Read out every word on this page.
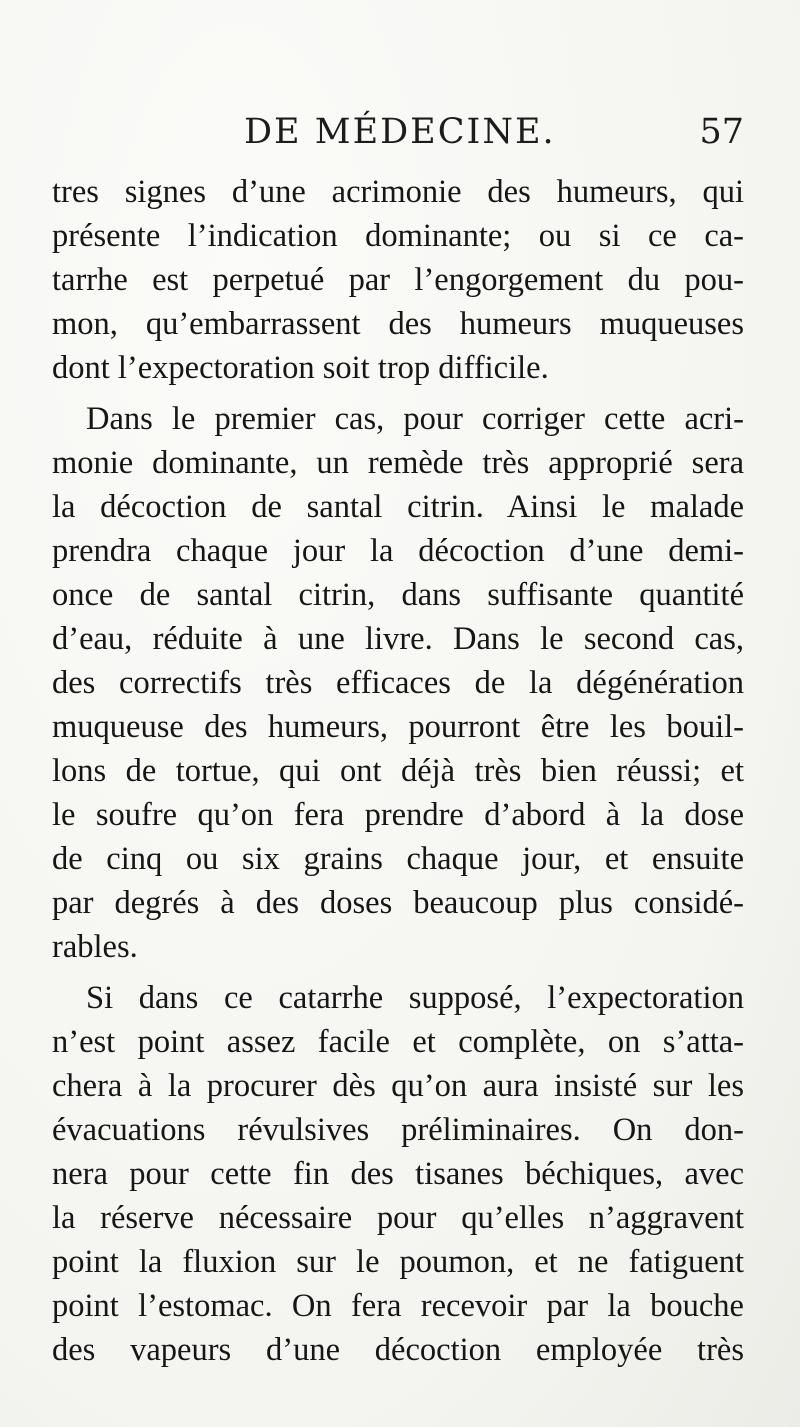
DE MÉDECINE.	57
tres signes d’une acrimonie des humeurs, qui
présente l’indication dominante; ou si ce ca-
tarrhe est perpetué par l’engorgement du pou-
mon, qu’embarrassent des humeurs muqueuses
dont l’expectoration soit trop difficile.
Dans le premier cas, pour corriger cette acri-
monie dominante, un remède très approprié sera
la décoction de santal citrin. Ainsi le malade
prendra chaque jour la décoction d’une demi-
once de santal citrin, dans suffisante quantité
d’eau, réduite à une livre. Dans le second cas,
des correctifs très efficaces de la dégénération
muqueuse des humeurs, pourront être les bouil-
lons de tortue, qui ont déjà très bien réussi; et
le soufre qu’on fera prendre d’abord à la dose
de cinq ou six grains chaque jour, et ensuite
par degrés à des doses beaucoup plus considé-
rables.
Si dans ce catarrhe supposé, l’expectoration
n’est point assez facile et complète, on s’atta-
chera à la procurer dès qu’on aura insisté sur les
évacuations révulsives préliminaires. On don-
nera pour cette fin des tisanes béchiques, avec
la réserve nécessaire pour qu’elles n’aggravent
point la fluxion sur le poumon, et ne fatiguent
point l’estomac. On fera recevoir par la bouche
des vapeurs d’une décoction employée très
